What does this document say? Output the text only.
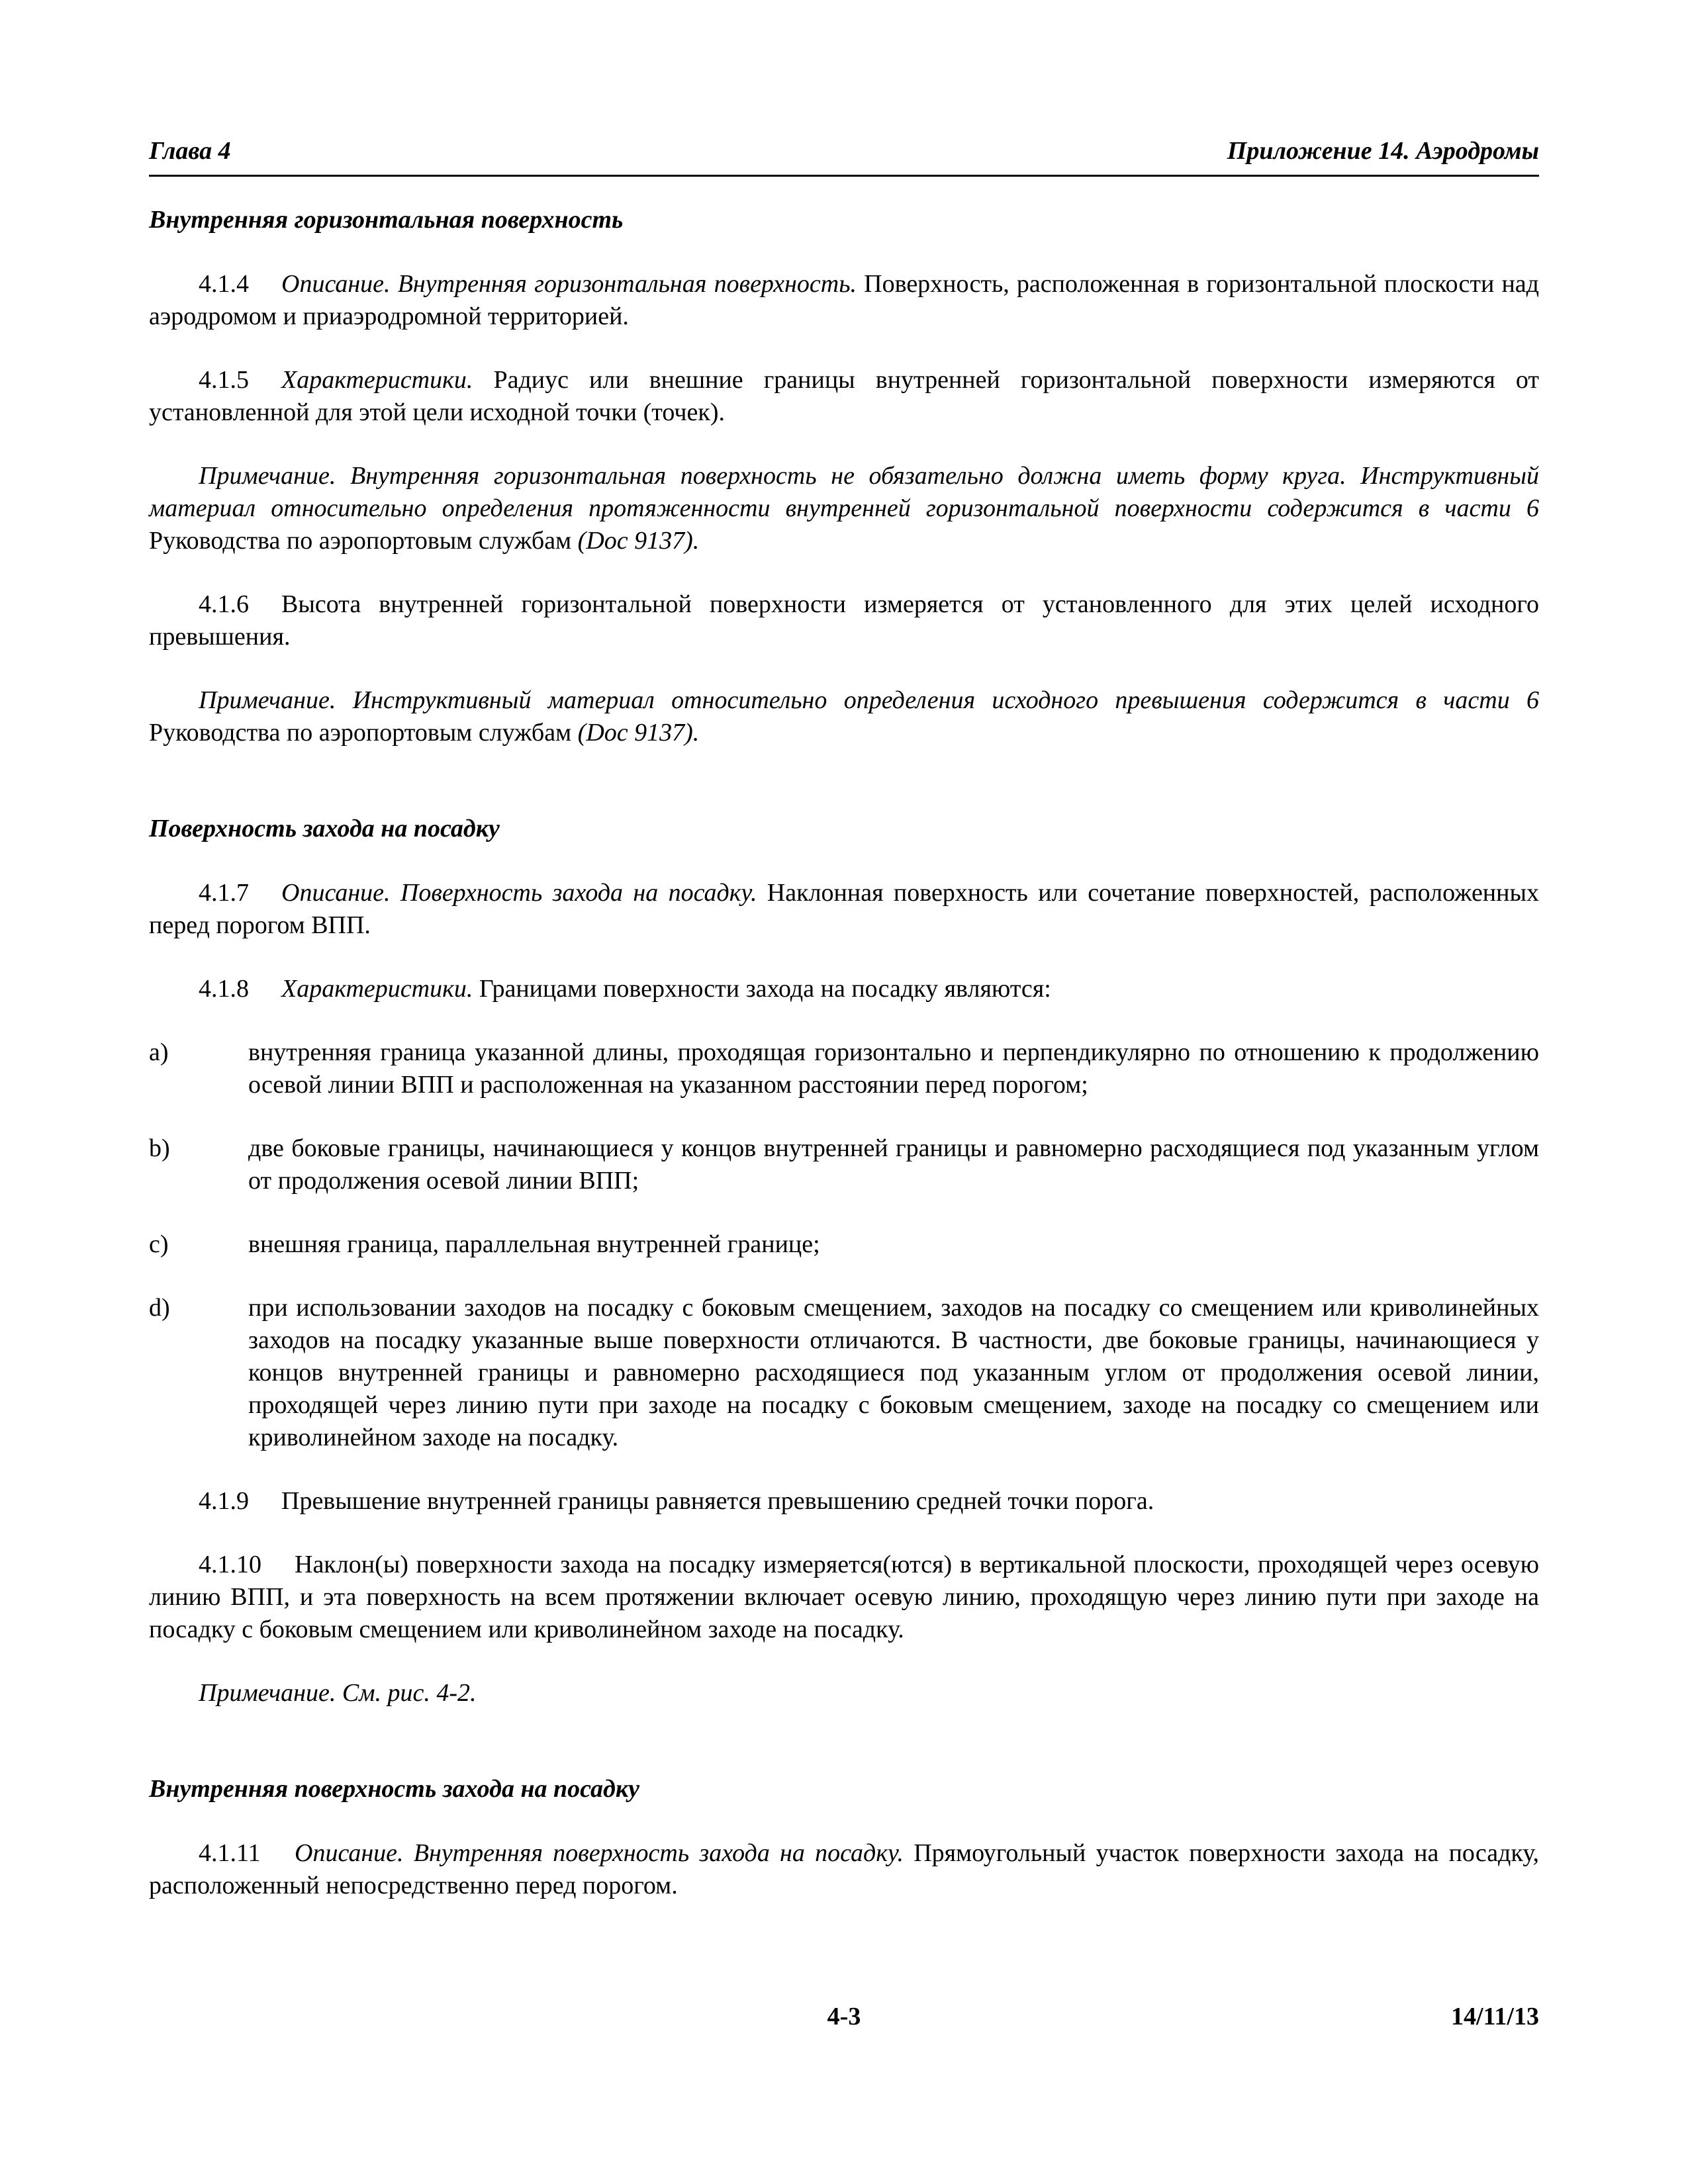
Глава 4	Приложение 14. Аэродромы

Внутренняя горизонтальная поверхность

4.1.4 Описание. Внутренняя горизонтальная поверхность. Поверхность, расположенная в горизонтальной плоскости над аэродромом и приаэродромной территорией.

4.1.5 Характеристики. Радиус или внешние границы внутренней горизонтальной поверхности измеряются от установленной для этой цели исходной точки (точек).

Примечание. Внутренняя горизонтальная поверхность не обязательно должна иметь форму круга. Инструктивный материал относительно определения протяженности внутренней горизонтальной поверхности содержится в части 6 Руководства по аэропортовым службам (Doc 9137).

4.1.6 Высота внутренней горизонтальной поверхности измеряется от установленного для этих целей исходного превышения.

Примечание. Инструктивный материал относительно определения исходного превышения содержится в части 6 Руководства по аэропортовым службам (Doc 9137).

Поверхность захода на посадку

4.1.7 Описание. Поверхность захода на посадку. Наклонная поверхность или сочетание поверхностей, расположенных перед порогом ВПП.

4.1.8 Характеристики. Границами поверхности захода на посадку являются:

a)	внутренняя граница указанной длины, проходящая горизонтально и перпендикулярно по отношению к продолжению осевой линии ВПП и расположенная на указанном расстоянии перед порогом;

b)	две боковые границы, начинающиеся у концов внутренней границы и равномерно расходящиеся под указанным углом от продолжения осевой линии ВПП;

c)	внешняя граница, параллельная внутренней границе;

d)	при использовании заходов на посадку с боковым смещением, заходов на посадку со смещением или криволинейных заходов на посадку указанные выше поверхности отличаются. В частности, две боковые границы, начинающиеся у концов внутренней границы и равномерно расходящиеся под указанным углом от продолжения осевой линии, проходящей через линию пути при заходе на посадку с боковым смещением, заходе на посадку со смещением или криволинейном заходе на посадку.

4.1.9 Превышение внутренней границы равняется превышению средней точки порога.

4.1.10 Наклон(ы) поверхности захода на посадку измеряется(ются) в вертикальной плоскости, проходящей через осевую линию ВПП, и эта поверхность на всем протяжении включает осевую линию, проходящую через линию пути при заходе на посадку с боковым смещением или криволинейном заходе на посадку.

Примечание. См. рис. 4-2.

Внутренняя поверхность захода на посадку

4.1.11 Описание. Внутренняя поверхность захода на посадку. Прямоугольный участок поверхности захода на посадку, расположенный непосредственно перед порогом.

4-3	14/11/13
